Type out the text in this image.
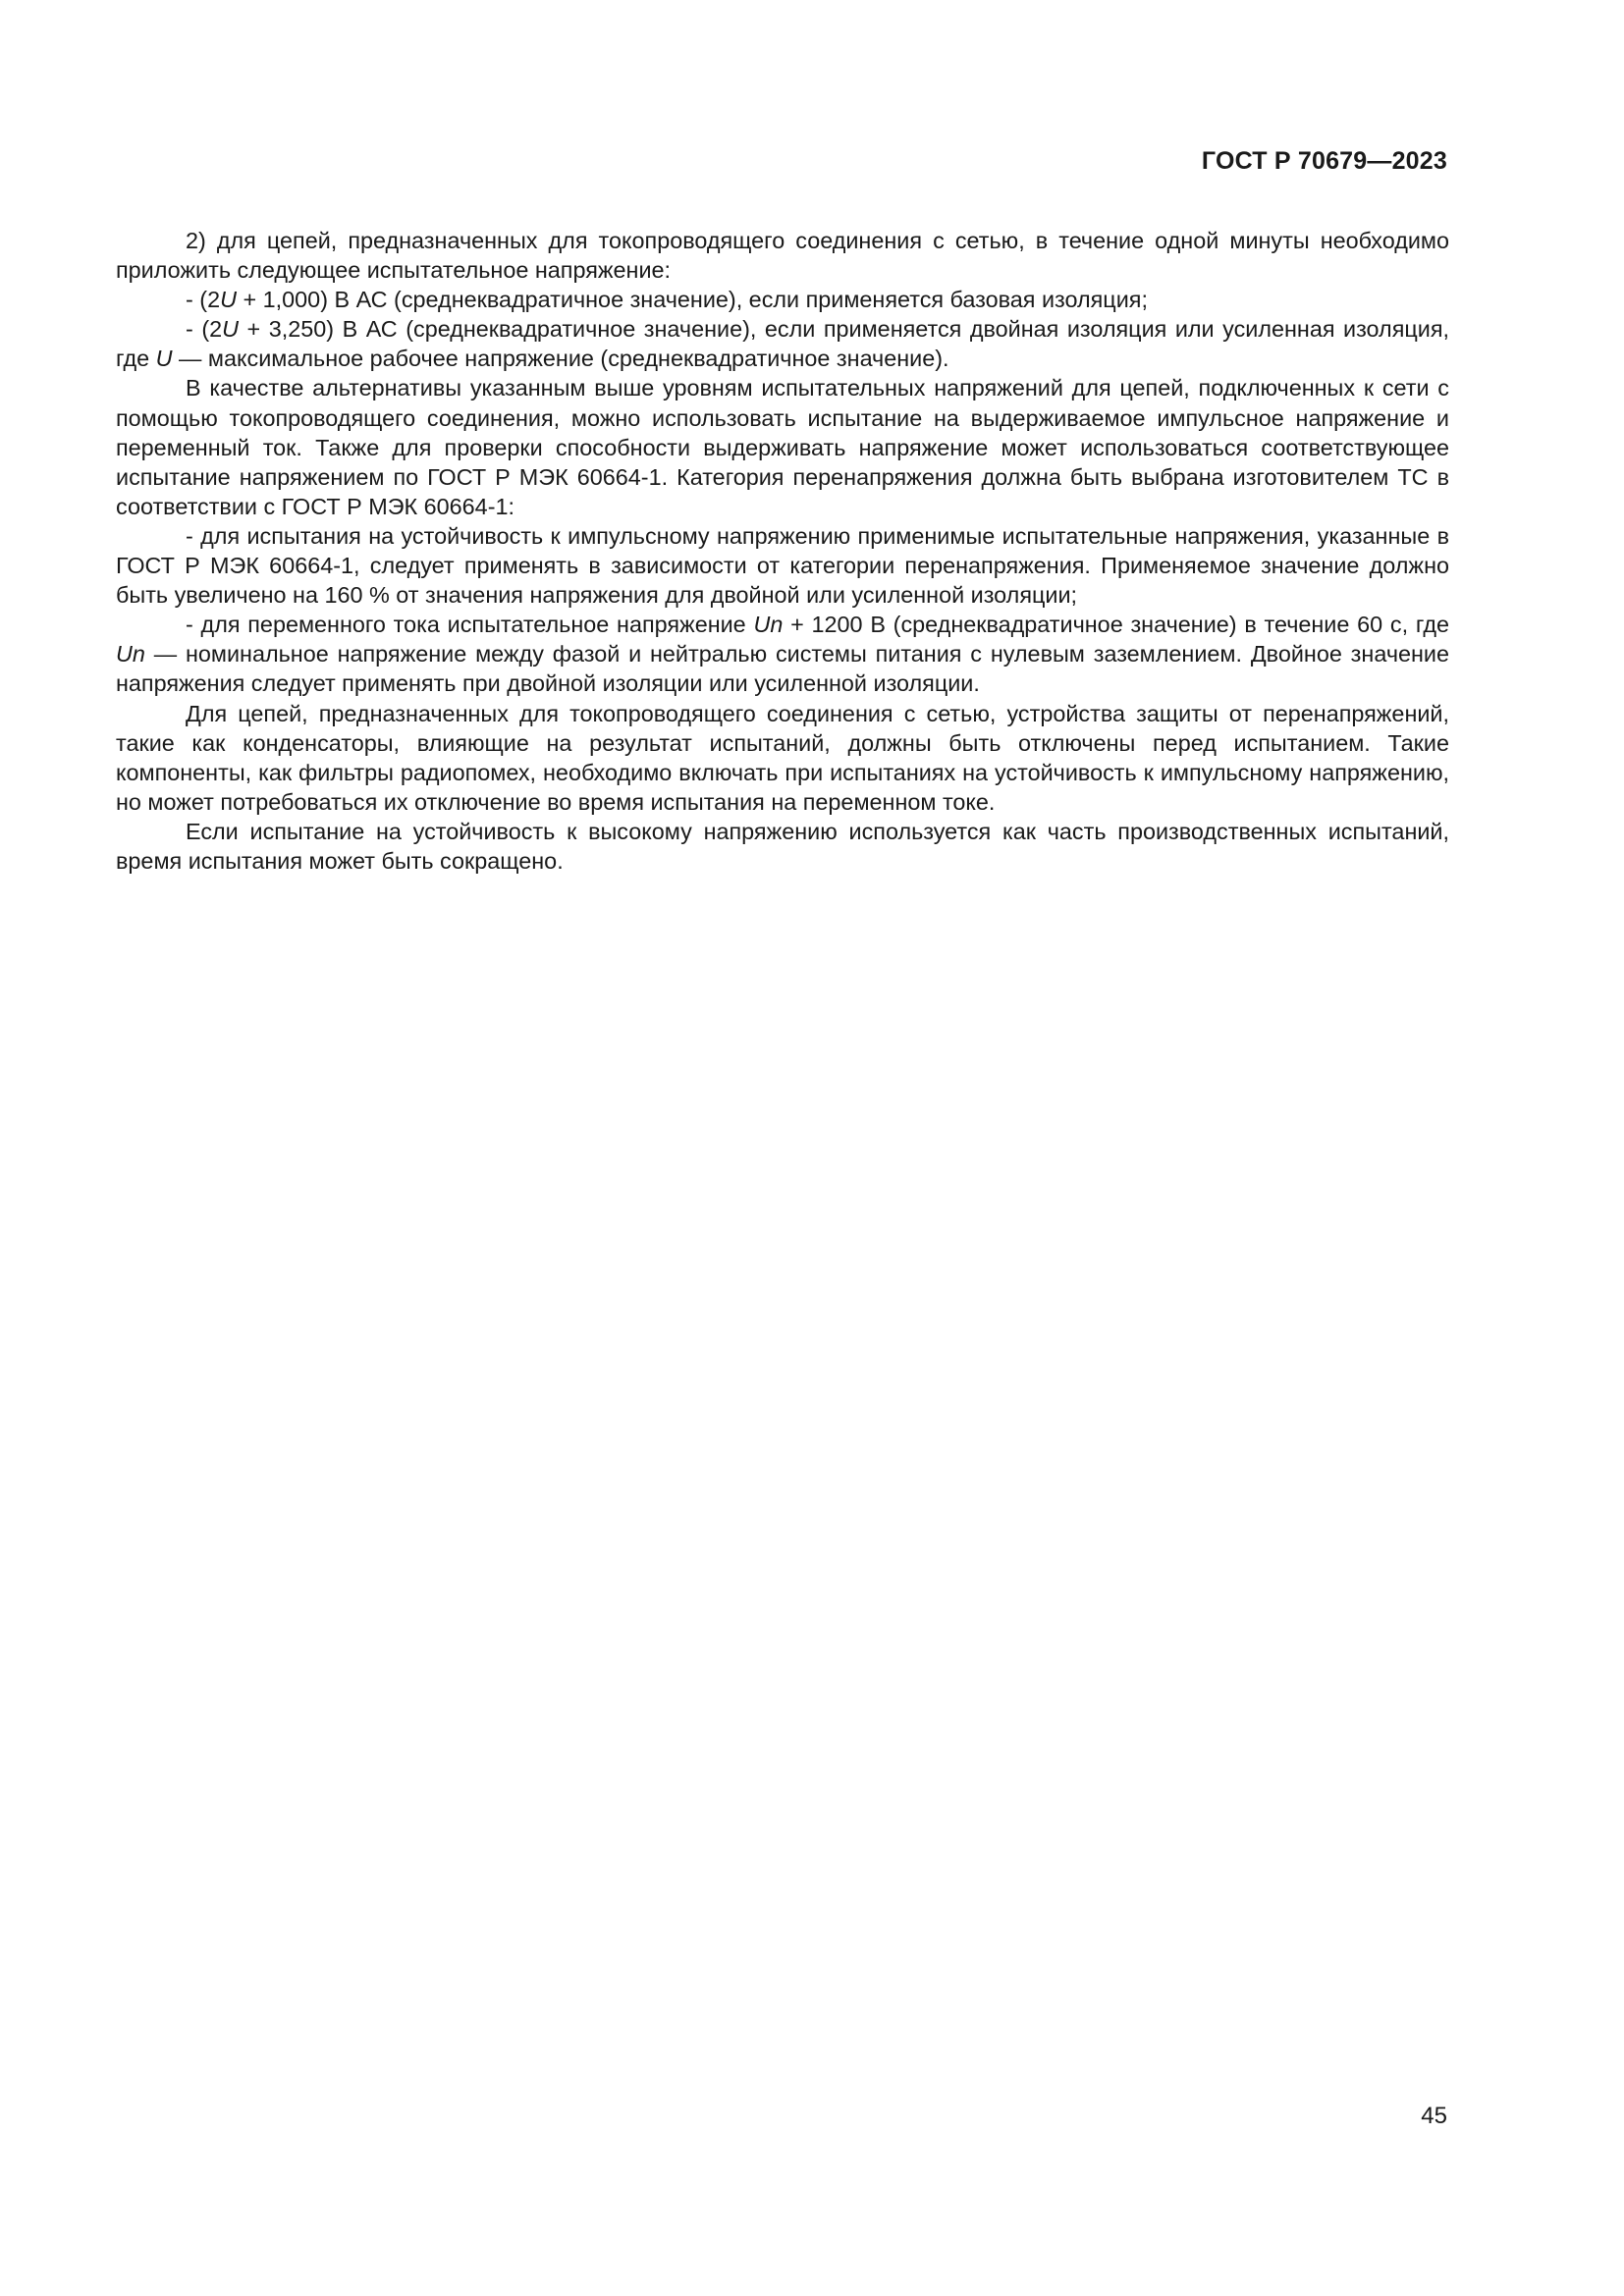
ГОСТ Р 70679—2023

2) для цепей, предназначенных для токопроводящего соединения с сетью, в течение одной минуты необходимо приложить следующее испытательное напряжение:

- (2U + 1,000) В АС (среднеквадратичное значение), если применяется базовая изоляция;

- (2U + 3,250) В АС (среднеквадратичное значение), если применяется двойная изоляция или усиленная изоляция, где U — максимальное рабочее напряжение (среднеквадратичное значение).

В качестве альтернативы указанным выше уровням испытательных напряжений для цепей, подключенных к сети с помощью токопроводящего соединения, можно использовать испытание на выдерживаемое импульсное напряжение и переменный ток. Также для проверки способности выдерживать напряжение может использоваться соответствующее испытание напряжением по ГОСТ Р МЭК 60664-1. Категория перенапряжения должна быть выбрана изготовителем ТС в соответствии с ГОСТ Р МЭК 60664-1:

- для испытания на устойчивость к импульсному напряжению применимые испытательные напряжения, указанные в ГОСТ Р МЭК 60664-1, следует применять в зависимости от категории перенапряжения. Применяемое значение должно быть увеличено на 160 % от значения напряжения для двойной или усиленной изоляции;

- для переменного тока испытательное напряжение Un + 1200 В (среднеквадратичное значение) в течение 60 с, где Un — номинальное напряжение между фазой и нейтралью системы питания с нулевым заземлением. Двойное значение напряжения следует применять при двойной изоляции или усиленной изоляции.

Для цепей, предназначенных для токопроводящего соединения с сетью, устройства защиты от перенапряжений, такие как конденсаторы, влияющие на результат испытаний, должны быть отключены перед испытанием. Такие компоненты, как фильтры радиопомех, необходимо включать при испытаниях на устойчивость к импульсному напряжению, но может потребоваться их отключение во время испытания на переменном токе.

Если испытание на устойчивость к высокому напряжению используется как часть производственных испытаний, время испытания может быть сокращено.

45
